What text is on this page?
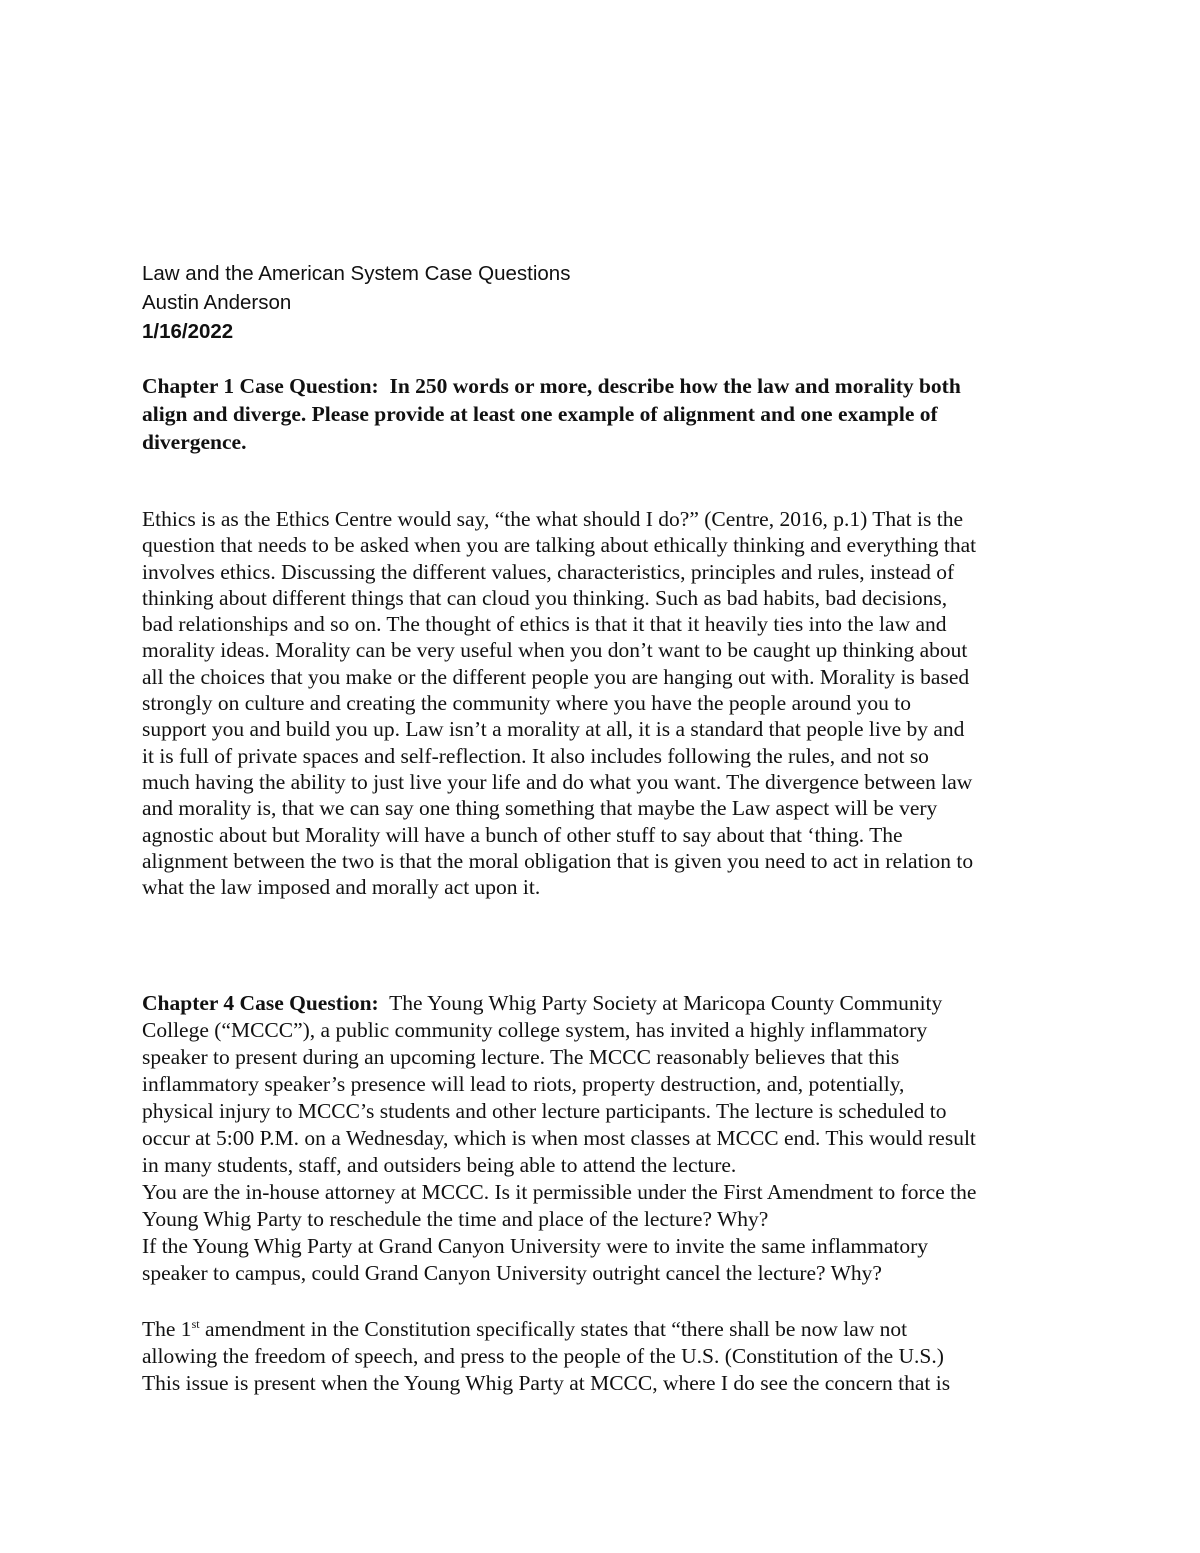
Law and the American System Case Questions
Austin Anderson
1/16/2022
Chapter 1 Case Question: In 250 words or more, describe how the law and morality both
align and diverge. Please provide at least one example of alignment and one example of
divergence.
Ethics is as the Ethics Centre would say, “the what should I do?” (Centre, 2016, p.1) That is the
question that needs to be asked when you are talking about ethically thinking and everything that
involves ethics. Discussing the different values, characteristics, principles and rules, instead of
thinking about different things that can cloud you thinking. Such as bad habits, bad decisions,
bad relationships and so on. The thought of ethics is that it that it heavily ties into the law and
morality ideas. Morality can be very useful when you don’t want to be caught up thinking about
all the choices that you make or the different people you are hanging out with. Morality is based
strongly on culture and creating the community where you have the people around you to
support you and build you up. Law isn’t a morality at all, it is a standard that people live by and
it is full of private spaces and self-reflection. It also includes following the rules, and not so
much having the ability to just live your life and do what you want. The divergence between law
and morality is, that we can say one thing something that maybe the Law aspect will be very
agnostic about but Morality will have a bunch of other stuff to say about that ‘thing. The
alignment between the two is that the moral obligation that is given you need to act in relation to
what the law imposed and morally act upon it.
Chapter 4 Case Question:  The Young Whig Party Society at Maricopa County Community
College (“MCCC”), a public community college system, has invited a highly inflammatory
speaker to present during an upcoming lecture. The MCCC reasonably believes that this
inflammatory speaker’s presence will lead to riots, property destruction, and, potentially,
physical injury to MCCC’s students and other lecture participants. The lecture is scheduled to
occur at 5:00 P.M. on a Wednesday, which is when most classes at MCCC end. This would result
in many students, staff, and outsiders being able to attend the lecture.
You are the in-house attorney at MCCC. Is it permissible under the First Amendment to force the
Young Whig Party to reschedule the time and place of the lecture? Why?
If the Young Whig Party at Grand Canyon University were to invite the same inflammatory
speaker to campus, could Grand Canyon University outright cancel the lecture? Why?
The 1st amendment in the Constitution specifically states that “there shall be now law not
allowing the freedom of speech, and press to the people of the U.S. (Constitution of the U.S.)
This issue is present when the Young Whig Party at MCCC, where I do see the concern that is
